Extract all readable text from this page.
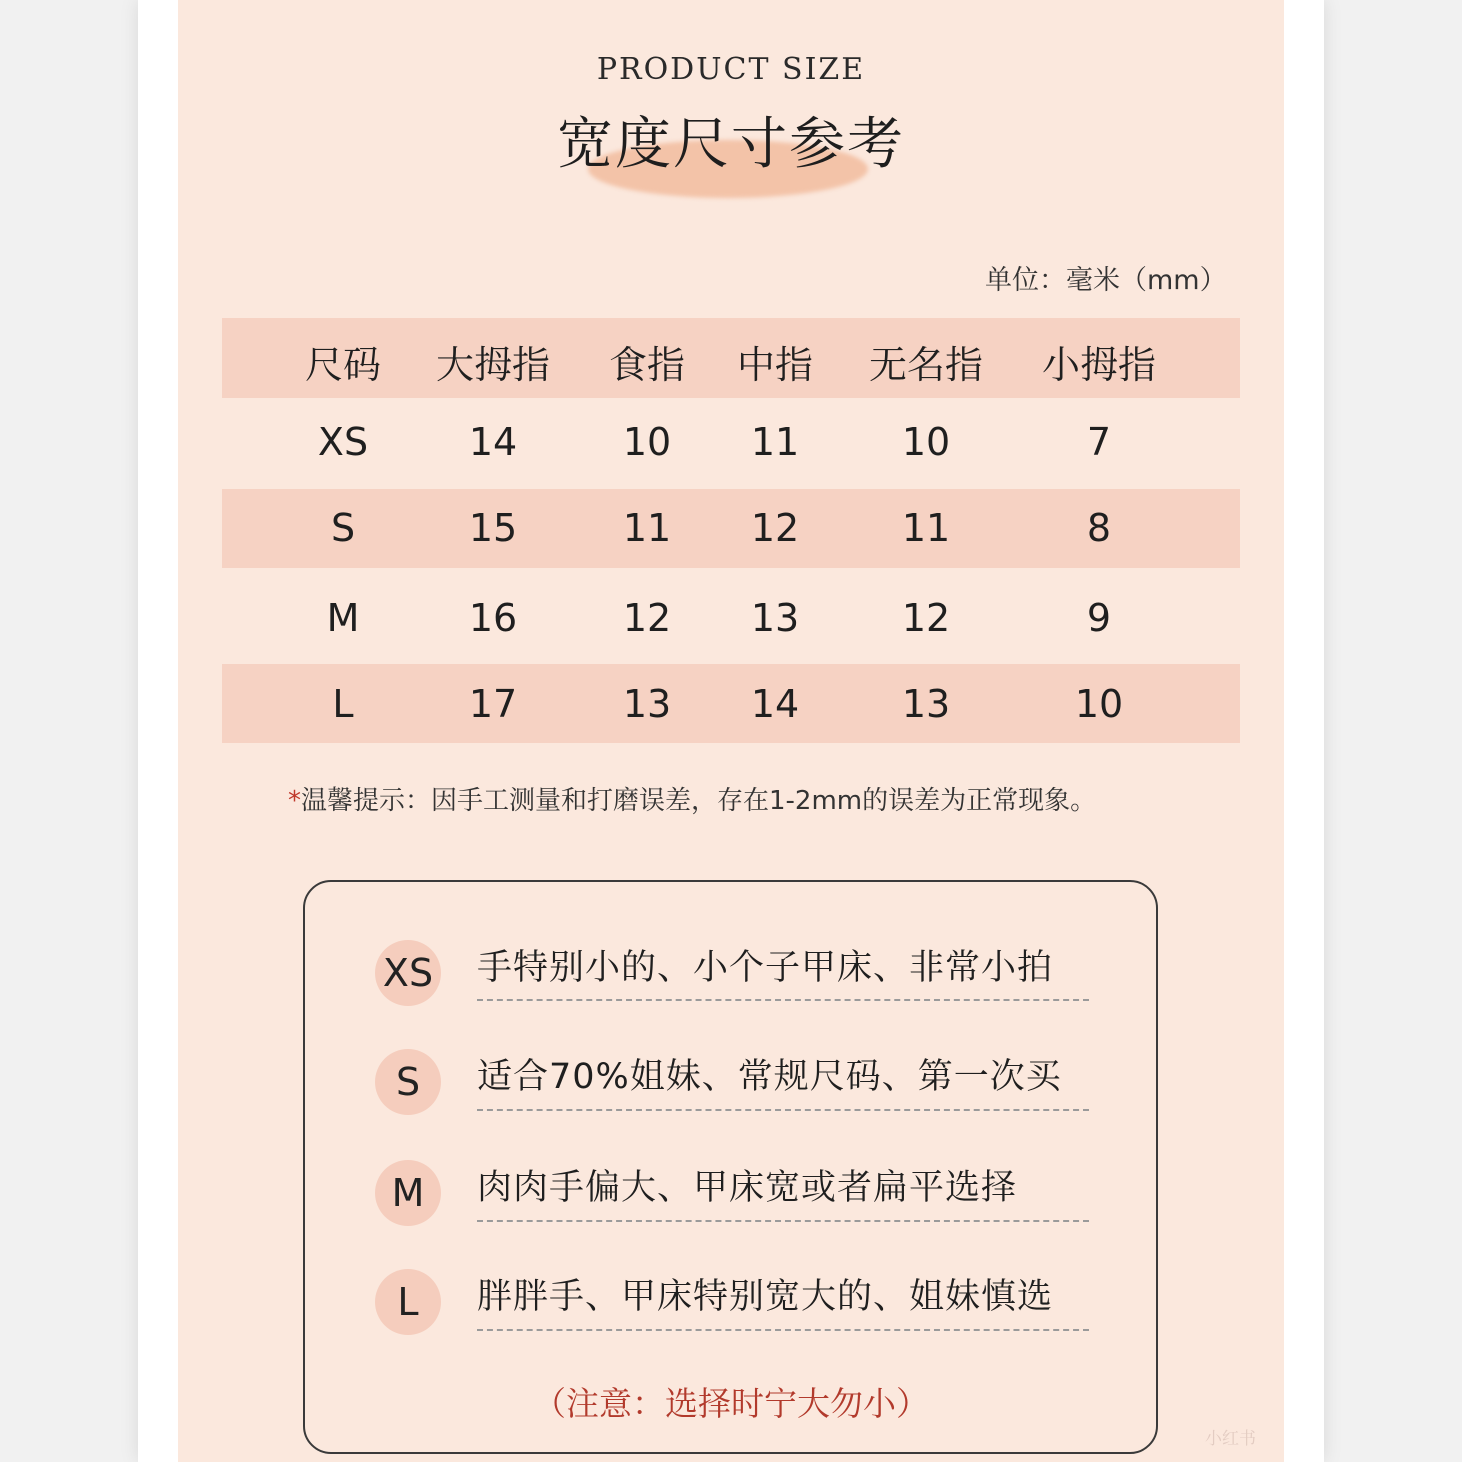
PRODUCT SIZE
宽度尺寸参考
单位：毫米（mm）
尺码	大拇指	食指	中指	无名指	小拇指
XS	14	10	11	10	7
S	15	11	12	11	8
M	16	12	13	12	9
L	17	13	14	13	10
*温馨提示：因手工测量和打磨误差，存在1-2mm的误差为正常现象。
XS 手特别小的、小个子甲床、非常小拍
S	适合70%姐妹、常规尺码、第一次买
M	肉肉手偏大、甲床宽或者扁平选择
L	胖胖手、甲床特别宽大的、姐妹慎选
（注意：选择时宁大勿小）
小红书
